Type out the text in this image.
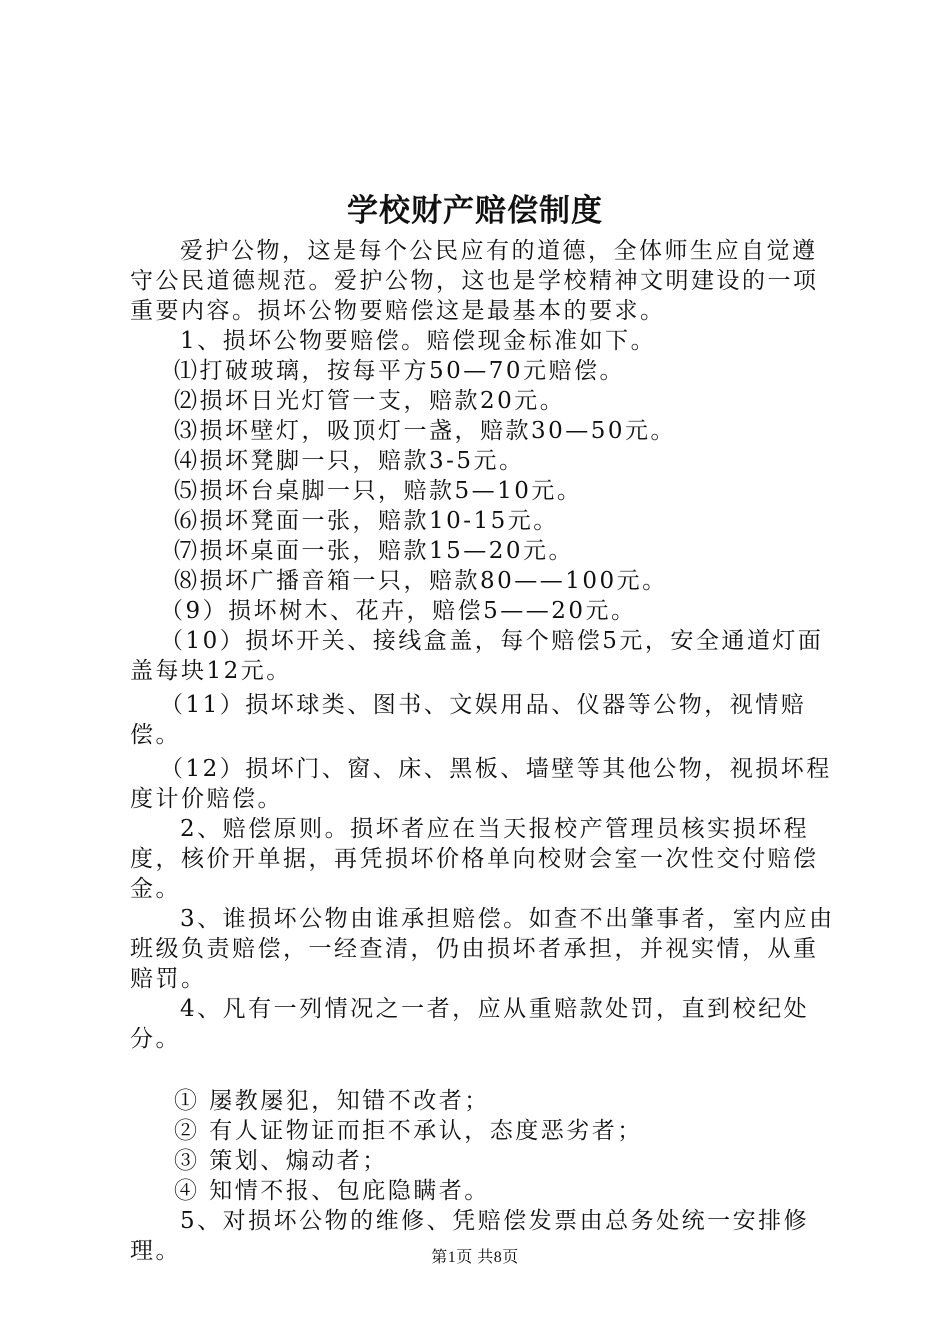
学校财产赔偿制度

爱护公物，这是每个公民应有的道德，全体师生应自觉遵守公民道德规范。爱护公物，这也是学校精神文明建设的一项重要内容。损坏公物要赔偿这是最基本的要求。

1、损坏公物要赔偿。赔偿现金标准如下。

⑴打破玻璃，按每平方50—70元赔偿。

⑵损坏日光灯管一支，赔款20元。

⑶损坏壁灯，吸顶灯一盏，赔款30—50元。

⑷损坏凳脚一只，赔款3-5元。

⑸损坏台桌脚一只，赔款5—10元。

⑹损坏凳面一张，赔款10-15元。

⑺损坏桌面一张，赔款15—20元。

⑻损坏广播音箱一只，赔款80——100元。

（9）损坏树木、花卉，赔偿5——20元。

（10）损坏开关、接线盒盖，每个赔偿5元，安全通道灯面盖每块12元。

（11）损坏球类、图书、文娱用品、仪器等公物，视情赔偿。

（12）损坏门、窗、床、黑板、墙壁等其他公物，视损坏程度计价赔偿。

2、赔偿原则。损坏者应在当天报校产管理员核实损坏程度，核价开单据，再凭损坏价格单向校财会室一次性交付赔偿金。

3、谁损坏公物由谁承担赔偿。如查不出肇事者，室内应由班级负责赔偿，一经查清，仍由损坏者承担，并视实情，从重赔罚。

4、凡有一列情况之一者，应从重赔款处罚，直到校纪处分。

① 屡教屡犯，知错不改者；

② 有人证物证而拒不承认，态度恶劣者；

③ 策划、煽动者；

④ 知情不报、包庇隐瞒者。

5、对损坏公物的维修、凭赔偿发票由总务处统一安排修理。	第1页 共8页
